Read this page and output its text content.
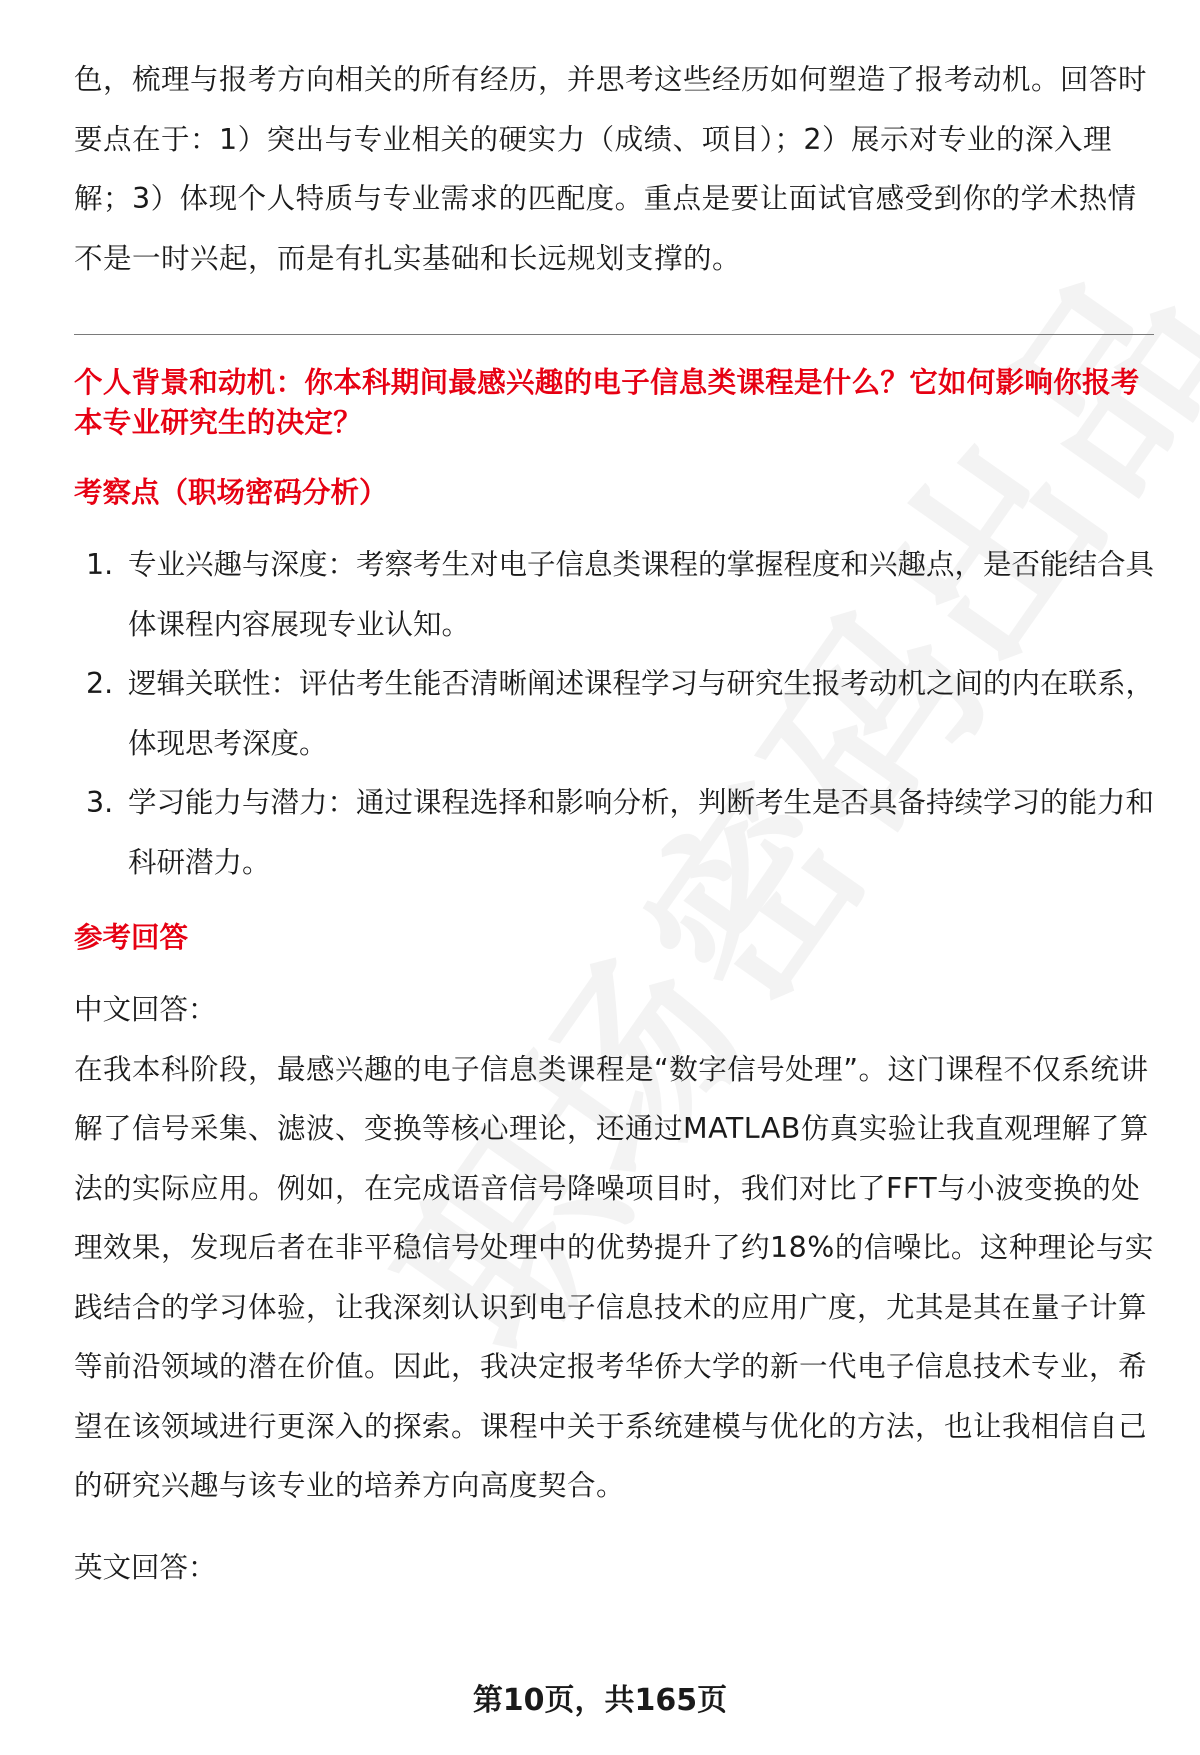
色，梳理与报考方向相关的所有经历，并思考这些经历如何塑造了报考动机。回答时要点在于：1）突出与专业相关的硬实力（成绩、项目）；2）展示对专业的深入理解；3）体现个人特质与专业需求的匹配度。重点是要让面试官感受到你的学术热情不是一时兴起，而是有扎实基础和长远规划支撑的。

个人背景和动机：你本科期间最感兴趣的电子信息类课程是什么？它如何影响你报考本专业研究生的决定？
考察点（职场密码分析）
1. 专业兴趣与深度：考察考生对电子信息类课程的掌握程度和兴趣点，是否能结合具体课程内容展现专业认知。
2. 逻辑关联性：评估考生能否清晰阐述课程学习与研究生报考动机之间的内在联系，体现思考深度。
3. 学习能力与潜力：通过课程选择和影响分析，判断考生是否具备持续学习的能力和科研潜力。
参考回答

中文回答：

在我本科阶段，最感兴趣的电子信息类课程是“数字信号处理”。这门课程不仅系统讲解了信号采集、滤波、变换等核心理论，还通过MATLAB仿真实验让我直观理解了算法的实际应用。例如，在完成语音信号降噪项目时，我们对比了FFT与小波变换的处理效果，发现后者在非平稳信号处理中的优势提升了约18%的信噪比。这种理论与实践结合的学习体验，让我深刻认识到电子信息技术的应用广度，尤其是其在量子计算等前沿领域的潜在价值。因此，我决定报考华侨大学的新一代电子信息技术专业，希望在该领域进行更深入的探索。课程中关于系统建模与优化的方法，也让我相信自己的研究兴趣与该专业的培养方向高度契合。

英文回答：

第10页，共165页
